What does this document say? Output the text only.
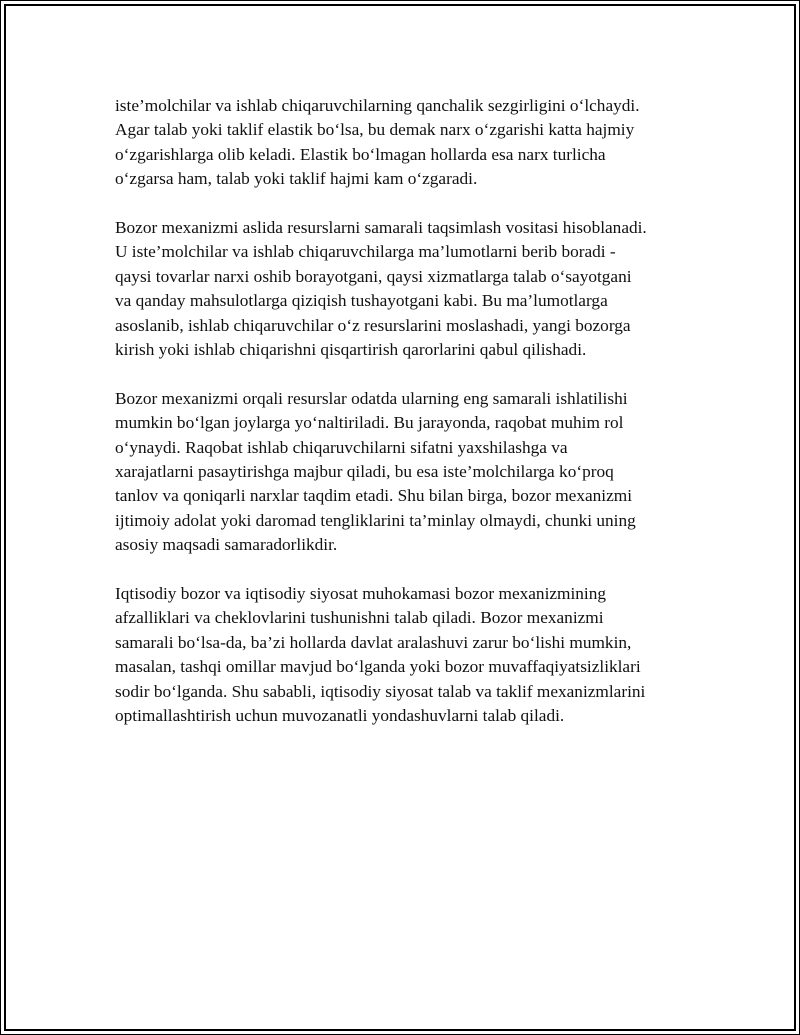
iste’molchilar va ishlab chiqaruvchilarning qanchalik sezgirligini o‘lchaydi.
Agar talab yoki taklif elastik bo‘lsa, bu demak narx o‘zgarishi katta hajmiy
o‘zgarishlarga olib keladi. Elastik bo‘lmagan hollarda esa narx turlicha
o‘zgarsa ham, talab yoki taklif hajmi kam o‘zgaradi.

Bozor mexanizmi aslida resurslarni samarali taqsimlash vositasi hisoblanadi.
U iste’molchilar va ishlab chiqaruvchilarga ma’lumotlarni berib boradi -
qaysi tovarlar narxi oshib borayotgani, qaysi xizmatlarga talab o‘sayotgani
va qanday mahsulotlarga qiziqish tushayotgani kabi. Bu ma’lumotlarga
asoslanib, ishlab chiqaruvchilar o‘z resurslarini moslashadi, yangi bozorga
kirish yoki ishlab chiqarishni qisqartirish qarorlarini qabul qilishadi.

Bozor mexanizmi orqali resurslar odatda ularning eng samarali ishlatilishi
mumkin bo‘lgan joylarga yo‘naltiriladi. Bu jarayonda, raqobat muhim rol
o‘ynaydi. Raqobat ishlab chiqaruvchilarni sifatni yaxshilashga va
xarajatlarni pasaytirishga majbur qiladi, bu esa iste’molchilarga ko‘proq
tanlov va qoniqarli narxlar taqdim etadi. Shu bilan birga, bozor mexanizmi
ijtimoiy adolat yoki daromad tengliklarini ta’minlay olmaydi, chunki uning
asosiy maqsadi samaradorlikdir.

Iqtisodiy bozor va iqtisodiy siyosat muhokamasi bozor mexanizmining
afzalliklari va cheklovlarini tushunishni talab qiladi. Bozor mexanizmi
samarali bo‘lsa-da, ba’zi hollarda davlat aralashuvi zarur bo‘lishi mumkin,
masalan, tashqi omillar mavjud bo‘lganda yoki bozor muvaffaqiyatsizliklari
sodir bo‘lganda. Shu sababli, iqtisodiy siyosat talab va taklif mexanizmlarini
optimallashtirish uchun muvozanatli yondashuvlarni talab qiladi.
